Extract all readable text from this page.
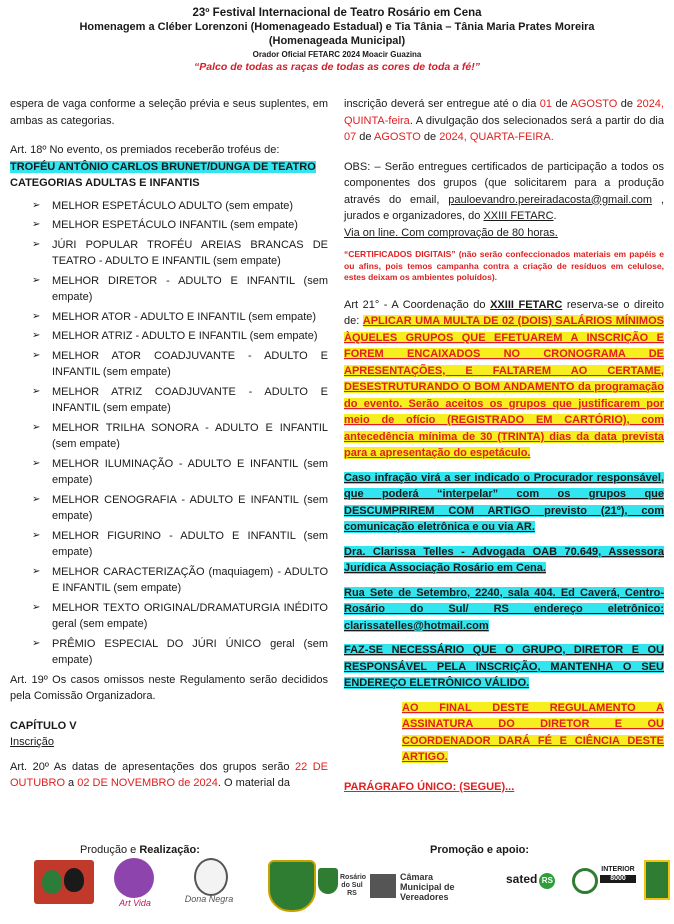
23º Festival Internacional de Teatro Rosário em Cena
Homenagem a Cléber Lorenzoni (Homenageado Estadual) e Tia Tânia – Tânia Maria Prates Moreira
(Homenageada Municipal)
Orador Oficial FETARC 2024 Moacir Guazina
“Palco de todas as raças de todas as cores de toda a fé!”

espera de vaga conforme a seleção prévia e seus suplentes, em ambas as categorias.

Art. 18º No evento, os premiados receberão troféus de:

TROFÉU ANTÔNIO CARLOS BRUNET/DUNGA DE TEATRO

CATEGORIAS ADULTAS E INFANTIS

➢ MELHOR ESPETÁCULO ADULTO (sem empate)
➢ MELHOR ESPETÁCULO INFANTIL (sem empate)
➢ JÚRI POPULAR TROFÉU AREIAS BRANCAS DE TEATRO - ADULTO E INFANTIL (sem empate)
➢ MELHOR DIRETOR - ADULTO E INFANTIL (sem empate)
➢ MELHOR ATOR - ADULTO E INFANTIL (sem empate)
➢ MELHOR ATRIZ - ADULTO E INFANTIL (sem empate)
➢ MELHOR ATOR COADJUVANTE - ADULTO E INFANTIL (sem empate)
➢ MELHOR ATRIZ COADJUVANTE - ADULTO E INFANTIL (sem empate)
➢ MELHOR TRILHA SONORA - ADULTO E INFANTIL (sem empate)
➢ MELHOR ILUMINAÇÃO - ADULTO E INFANTIL (sem empate)
➢ MELHOR CENOGRAFIA - ADULTO E INFANTIL (sem empate)
➢ MELHOR FIGURINO - ADULTO E INFANTIL (sem empate)
➢ MELHOR CARACTERIZAÇÃO (maquiagem) - ADULTO E INFANTIL (sem empate)
➢ MELHOR TEXTO ORIGINAL/DRAMATURGIA INÉDITO geral (sem empate)
➢ PRÊMIO ESPECIAL DO JÚRI ÚNICO geral (sem empate)

Art. 19º Os casos omissos neste Regulamento serão decididos pela Comissão Organizadora.

CAPÍTULO V

Inscrição

Art. 20º As datas de apresentações dos grupos serão 22 DE OUTUBRO a 02 DE NOVEMBRO de 2024. O material da

inscrição deverá ser entregue até o dia 01 de AGOSTO de 2024, QUINTA-feira. A divulgação dos selecionados será a partir do dia 07 de AGOSTO de 2024, QUARTA-FEIRA.

OBS: – Serão entregues certificados de participação a todos os componentes dos grupos (que solicitarem para a produção através do email, pauloevandro.pereiradacosta@gmail.com , jurados e organizadores, do XXIII FETARC.

Via on line. Com comprovação de 80 horas.

“CERTIFICADOS DIGITAIS” (não serão confeccionados materiais em papéis e ou afins, pois temos campanha contra a criação de resíduos em celulose, estes deixam os ambientes poluídos).

Art 21° - A Coordenação do XXIII FETARC reserva-se o direito de: APLICAR UMA MULTA DE 02 (DOIS) SALÁRIOS MÍNIMOS ÀQUELES GRUPOS QUE EFETUAREM A INSCRIÇÃO E FOREM ENCAIXADOS NO CRONOGRAMA DE APRESENTAÇÕES, E FALTAREM AO CERTAME, DESESTRUTURANDO O BOM ANDAMENTO da programação do evento. Serão aceitos os grupos que justificarem por meio de ofício (REGISTRADO EM CARTÓRIO), com antecedência mínima de 30 (TRINTA) dias da data prevista para a apresentação do espetáculo.

Caso infração virá a ser indicado o Procurador responsável, que poderá “interpelar” com os grupos que DESCUMPRIREM COM ARTIGO previsto (21º), com comunicação eletrônica e ou via AR.

Dra. Clarissa Telles - Advogada OAB 70.649, Assessora Jurídica Associação Rosário em Cena.

Rua Sete de Setembro, 2240, sala 404. Ed Caverá, Centro-Rosário do Sul/ RS endereço eletrônico: clarissatelles@hotmail.com

FAZ-SE NECESSÁRIO QUE O GRUPO, DIRETOR E OU RESPONSÁVEL PELA INSCRIÇÃO, MANTENHA O SEU ENDEREÇO ELETRÔNICO VÁLIDO.

AO FINAL DESTE REGULAMENTO A ASSINATURA DO DIRETOR E OU COORDENADOR DARÁ FÉ E CIÊNCIA DESTE ARTIGO.

PARÁGRAFO ÚNICO: (SEGUE)...

Produção e Realização:	Promoção e apoio:
Art Vida	Dona Negra
Rosário do Sul RS
Câmara Municipal de Vereadores
sated RS
INTERIOR
8000
